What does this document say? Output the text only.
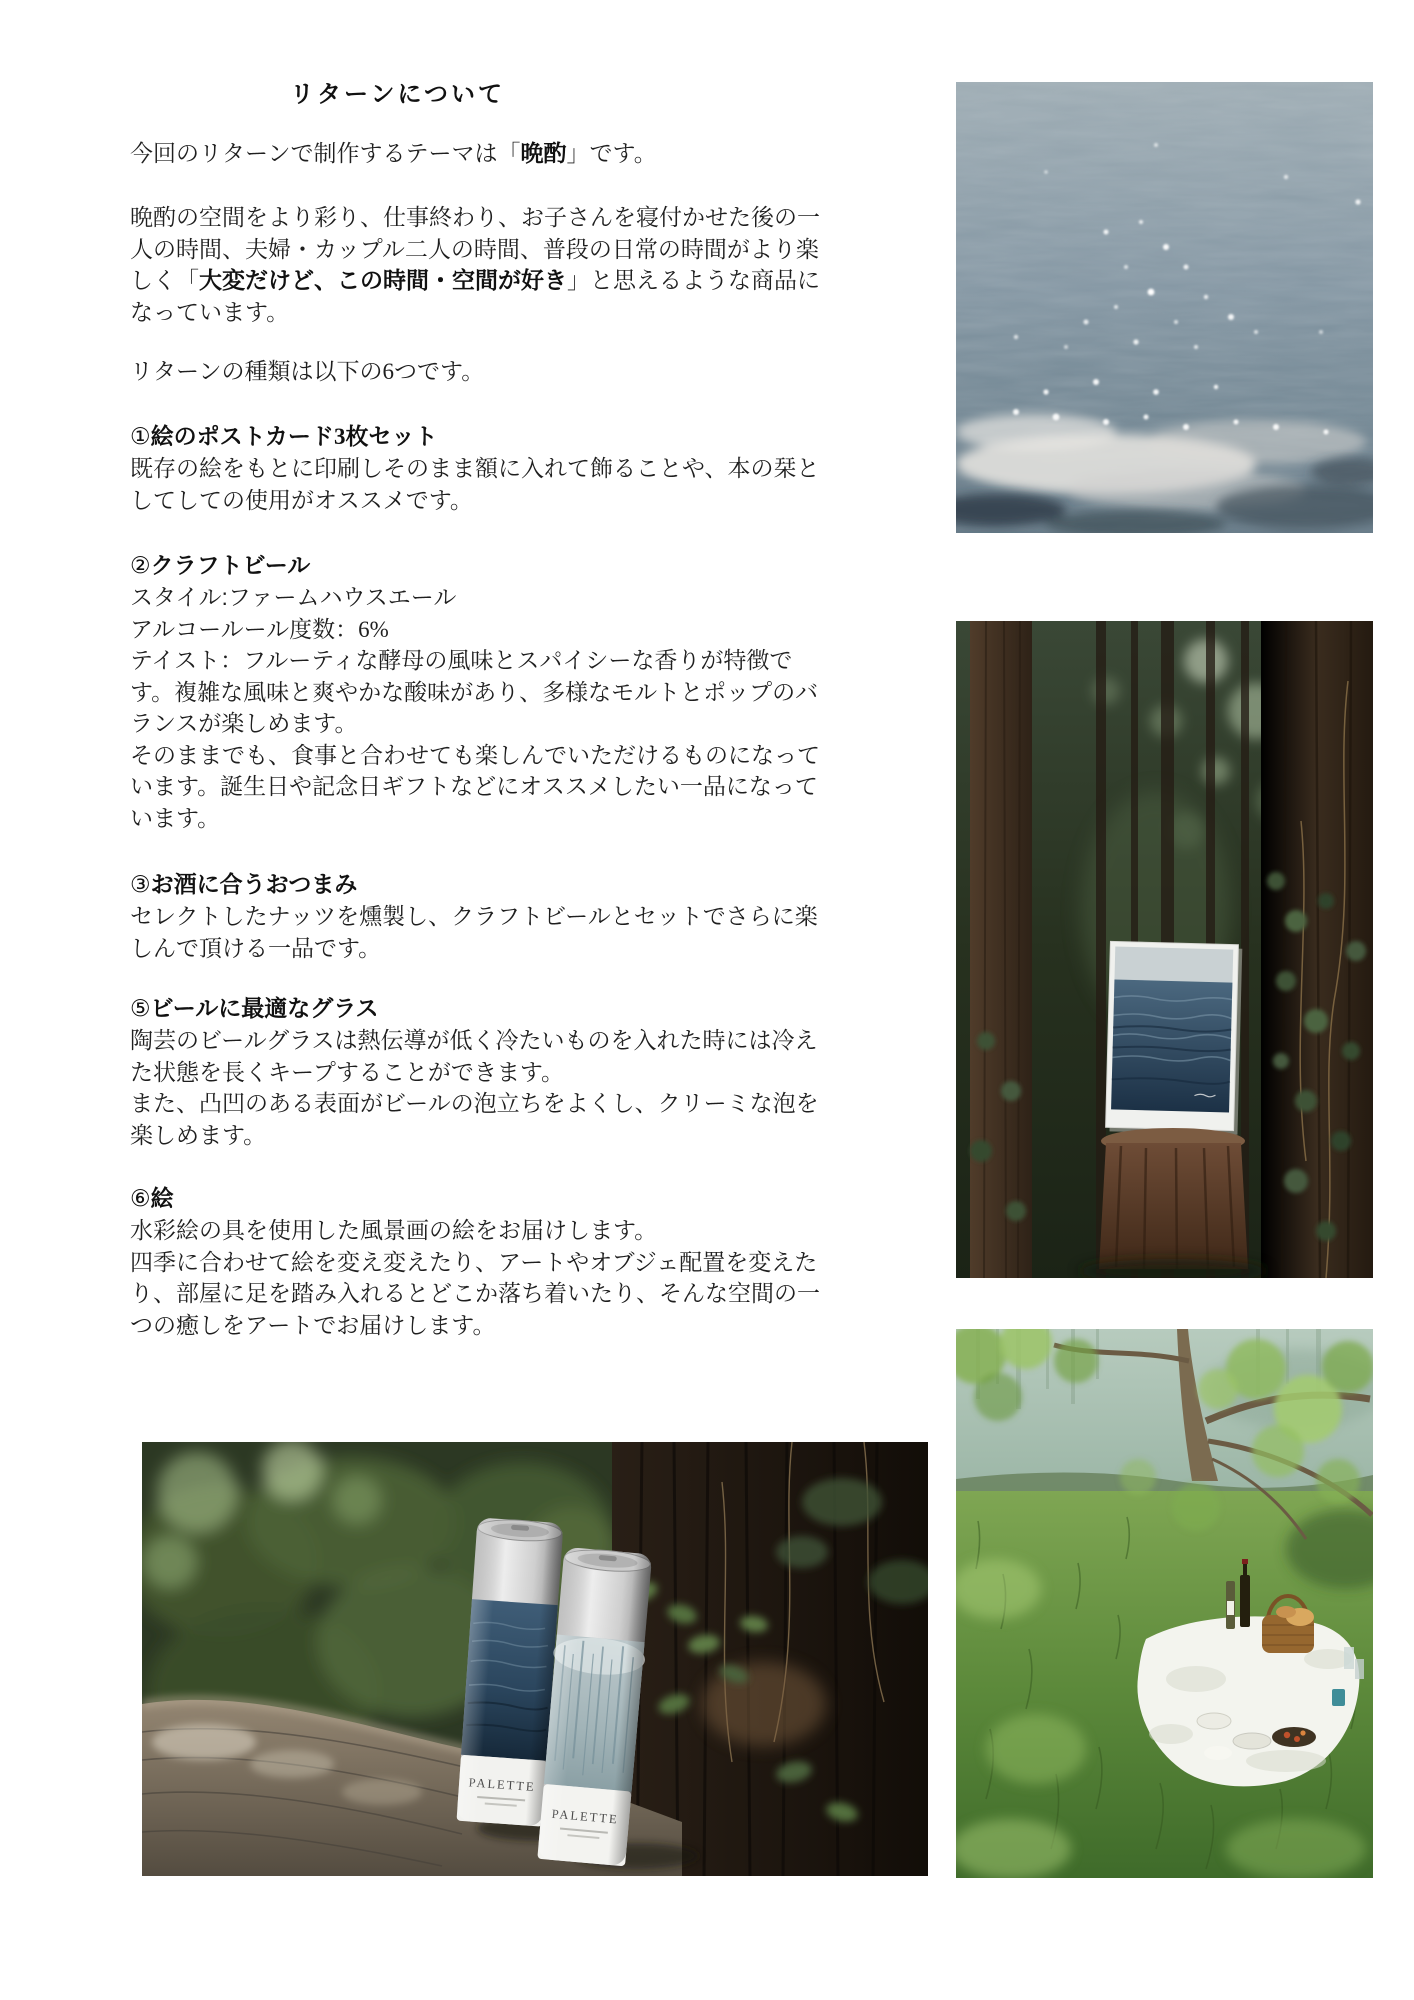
リターンについて
今回のリターンで制作するテーマは「晩酌」です。
晩酌の空間をより彩り、仕事終わり、お子さんを寝付かせた後の一人の時間、夫婦・カップル二人の時間、普段の日常の時間がより楽しく「大変だけど、この時間・空間が好き」と思えるような商品になっています。
リターンの種類は以下の6つです。
①絵のポストカード3枚セット
既存の絵をもとに印刷しそのまま額に入れて飾ることや、本の栞としてしての使用がオススメです。
②クラフトビール
スタイル:ファームハウスエール
アルコールール度数：6%
テイスト：フルーティな酵母の風味とスパイシーな香りが特徴です。複雑な風味と爽やかな酸味があり、多様なモルトとポップのバランスが楽しめます。
そのままでも、食事と合わせても楽しんでいただけるものになっています。誕生日や記念日ギフトなどにオススメしたい一品になっています。
③お酒に合うおつまみ
セレクトしたナッツを燻製し、クラフトビールとセットでさらに楽しんで頂ける一品です。
⑤ビールに最適なグラス
陶芸のビールグラスは熱伝導が低く冷たいものを入れた時には冷えた状態を長くキープすることができます。
また、凸凹のある表面がビールの泡立ちをよくし、クリーミな泡を楽しめます。
⑥絵
水彩絵の具を使用した風景画の絵をお届けします。
四季に合わせて絵を変え変えたり、アートやオブジェ配置を変えたり、部屋に足を踏み入れるとどこか落ち着いたり、そんな空間の一つの癒しをアートでお届けします。
